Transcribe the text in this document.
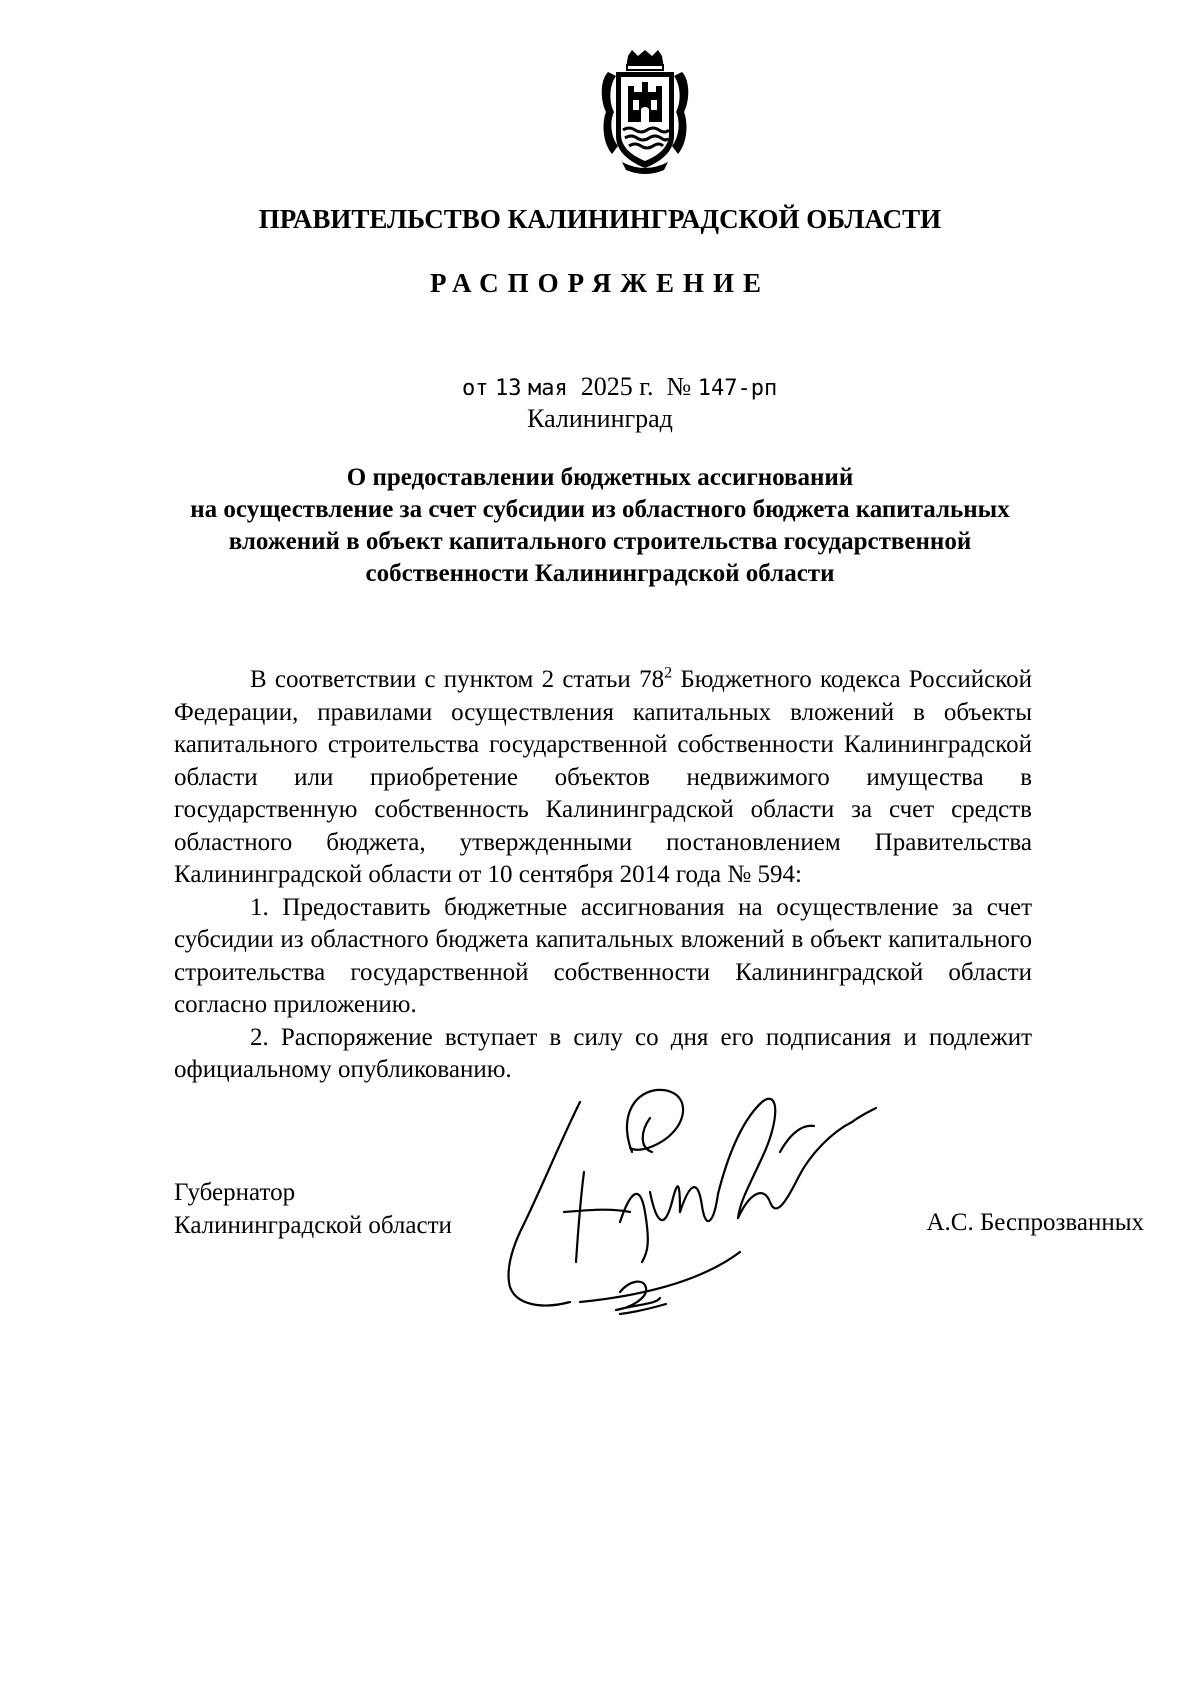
ПРАВИТЕЛЬСТВО КАЛИНИНГРАДСКОЙ ОБЛАСТИ
РАСПОРЯЖЕНИЕ
от 13 мая 2025 г. № 147-рп
Калининград
О предоставлении бюджетных ассигнований
на осуществление за счет субсидии из областного бюджета капитальных
вложений в объект капитального строительства государственной
собственности Калининградской области

В соответствии с пунктом 2 статьи $78^2$ Бюджетного кодекса Российской Федерации, правилами осуществления капитальных вложений в объекты капитального строительства государственной собственности Калининградской области или приобретение объектов недвижимого имущества в государственную собственность Калининградской области за счет средств областного бюджета, утвержденными постановлением Правительства Калининградской области от 10 сентября 2014 года № 594:

1. Предоставить бюджетные ассигнования на осуществление за счет субсидии из областного бюджета капитальных вложений в объект капитального строительства государственной собственности Калининградской области согласно приложению.

2. Распоряжение вступает в силу со дня его подписания и подлежит официальному опубликованию.

Губернатор
Калининградской области	А.С. Беспрозванных
